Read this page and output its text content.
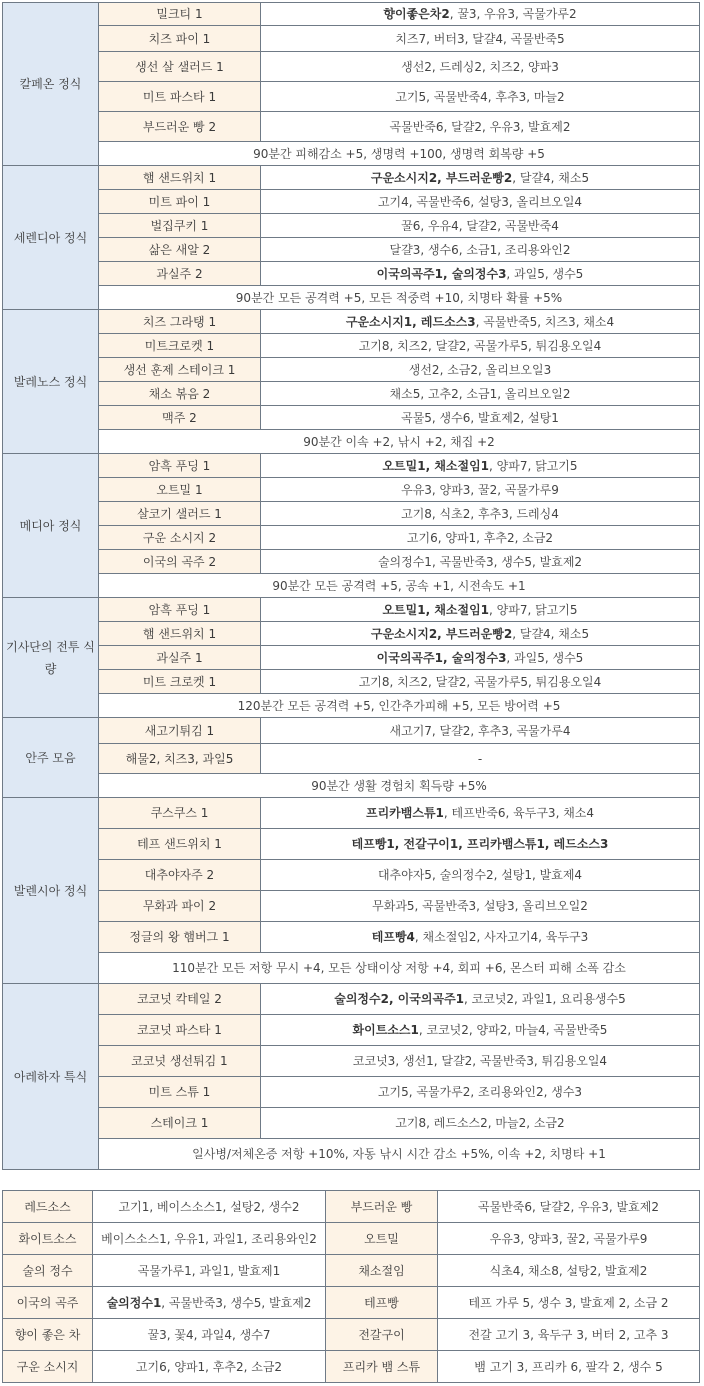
칼페온 정식	밀크티 1	향이좋은차2, 꿀3, 우유3, 곡물가루2
	치즈 파이 1	치즈7, 버터3, 달걀4, 곡물반죽5
	생선 살 샐러드 1	생선2, 드레싱2, 치즈2, 양파3
	미트 파스타 1	고기5, 곡물반죽4, 후추3, 마늘2
	부드러운 빵 2	곡물반죽6, 달걀2, 우유3, 발효제2
	90분간 피해감소 +5, 생명력 +100, 생명력 회복량 +5	
세렌디아 정식	햄 샌드위치 1	구운소시지2, 부드러운빵2, 달걀4, 채소5
	미트 파이 1	고기4, 곡물반죽6, 설탕3, 올리브오일4
	벌집쿠키 1	꿀6, 우유4, 달걀2, 곡물반죽4
	삶은 새알 2	달걀3, 생수6, 소금1, 조리용와인2
	과실주 2	이국의곡주1, 술의정수3, 과일5, 생수5
	90분간 모든 공격력 +5, 모든 적중력 +10, 치명타 확률 +5%	
발레노스 정식	치즈 그라탱 1	구운소시지1, 레드소스3, 곡물반죽5, 치즈3, 채소4
	미트크로켓 1	고기8, 치즈2, 달걀2, 곡물가루5, 튀김용오일4
	생선 훈제 스테이크 1	생선2, 소금2, 올리브오일3
	채소 볶음 2	채소5, 고추2, 소금1, 올리브오일2
	맥주 2	곡물5, 생수6, 발효제2, 설탕1
	90분간 이속 +2, 낚시 +2, 채집 +2	
메디아 정식	암흑 푸딩 1	오트밀1, 채소절임1, 양파7, 닭고기5
	오트밀 1	우유3, 양파3, 꿀2, 곡물가루9
	살코기 샐러드 1	고기8, 식초2, 후추3, 드레싱4
	구운 소시지 2	고기6, 양파1, 후추2, 소금2
	이국의 곡주 2	술의정수1, 곡물반죽3, 생수5, 발효제2
	90분간 모든 공격력 +5, 공속 +1, 시전속도 +1	
기사단의 전투 식량	암흑 푸딩 1	오트밀1, 채소절임1, 양파7, 닭고기5
	햄 샌드위치 1	구운소시지2, 부드러운빵2, 달걀4, 채소5
	과실주 1	이국의곡주1, 술의정수3, 과일5, 생수5
	미트 크로켓 1	고기8, 치즈2, 달걀2, 곡물가루5, 튀김용오일4
	120분간 모든 공격력 +5, 인간추가피해 +5, 모든 방어력 +5	
안주 모음	새고기튀김 1	새고기7, 달걀2, 후추3, 곡물가루4
	해물2, 치즈3, 과일5	-
	90분간 생활 경험치 획득량 +5%	
발렌시아 정식	쿠스쿠스 1	프리카뱀스튜1, 테프반죽6, 육두구3, 채소4
	테프 샌드위치 1	테프빵1, 전갈구이1, 프리카뱀스튜1, 레드소스3
	대추야자주 2	대추야자5, 술의정수2, 설탕1, 발효제4
	무화과 파이 2	무화과5, 곡물반죽3, 설탕3, 올리브오일2
	정글의 왕 햄버그 1	테프빵4, 채소절임2, 사자고기4, 육두구3
	110분간 모든 저항 무시 +4, 모든 상태이상 저항 +4, 회피 +6, 몬스터 피해 소폭 감소	
아레하자 특식	코코넛 칵테일 2	술의정수2, 이국의곡주1, 코코넛2, 과일1, 요리용생수5
	코코넛 파스타 1	화이트소스1, 코코넛2, 양파2, 마늘4, 곡물반죽5
	코코넛 생선튀김 1	코코넛3, 생선1, 달걀2, 곡물반죽3, 튀김용오일4
	미트 스튜 1	고기5, 곡물가루2, 조리용와인2, 생수3
	스테이크 1	고기8, 레드소스2, 마늘2, 소금2
	일사병/저체온증 저항 +10%, 자동 낚시 시간 감소 +5%, 이속 +2, 치명타 +1	
레드소스	고기1, 베이스소스1, 설탕2, 생수2	부드러운 빵	곡물반죽6, 달걀2, 우유3, 발효제2
화이트소스	베이스소스1, 우유1, 과일1, 조리용와인2	오트밀	우유3, 양파3, 꿀2, 곡물가루9
술의 정수	곡물가루1, 과일1, 발효제1	채소절임	식초4, 채소8, 설탕2, 발효제2
이국의 곡주	술의정수1, 곡물반죽3, 생수5, 발효제2	테프빵	테프 가루 5, 생수 3, 발효제 2, 소금 2
향이 좋은 차	꿀3, 꽃4, 과일4, 생수7	전갈구이	전갈 고기 3, 육두구 3, 버터 2, 고추 3
구운 소시지	고기6, 양파1, 후추2, 소금2	프리카 뱀 스튜	뱀 고기 3, 프리카 6, 팔각 2, 생수 5
